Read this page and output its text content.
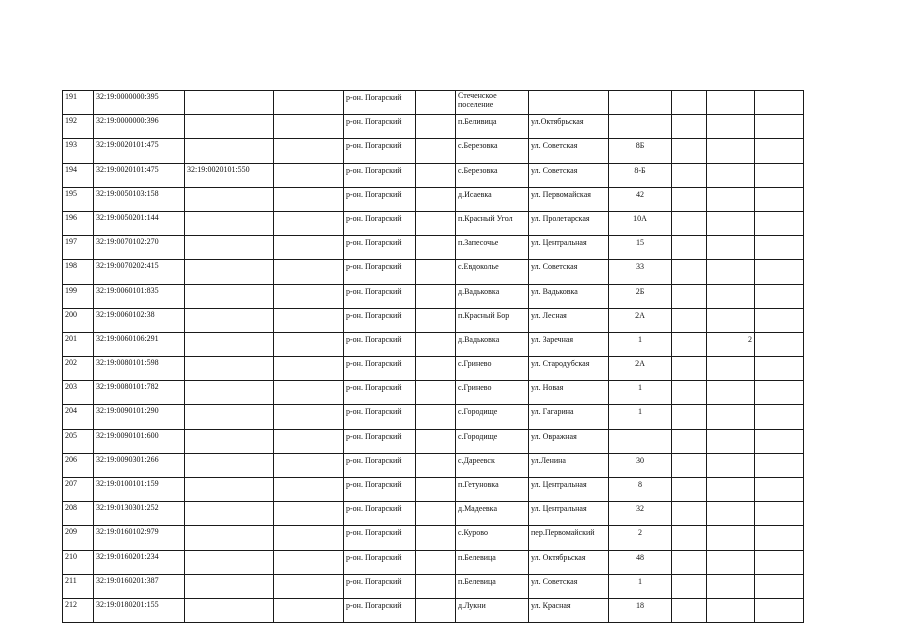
191	32:19:0000000:395			р-он. Погарский		Стеченское поселение					
192	32:19:0000000:396			р-он. Погарский		п.Беливица	ул.Октябрьская				
193	32:19:0020101:475			р-он. Погарский		с.Березовка	ул. Советская	8Б			
194	32:19:0020101:475	32:19:0020101:550		р-он. Погарский		с.Березовка	ул. Советская	8-Б			
195	32:19:0050103:158			р-он. Погарский		д.Исаевка	ул. Первомайская	42			
196	32:19:0050201:144			р-он. Погарский		п.Красный Угол	ул. Пролетарская	10А			
197	32:19:0070102:270			р-он. Погарский		п.Запесочье	ул. Центральная	15			
198	32:19:0070202:415			р-он. Погарский		с.Евдоколье	ул. Советская	33			
199	32:19:0060101:835			р-он. Погарский		д.Вадьковка	ул. Вадьковка	2Б			
200	32:19:0060102:38			р-он. Погарский		п.Красный Бор	ул. Лесная	2А			
201	32:19:0060106:291			р-он. Погарский		д.Вадьковка	ул. Заречная	1		2	
202	32:19:0080101:598			р-он. Погарский		с.Гринево	ул. Стародубская	2А			
203	32:19:0080101:782			р-он. Погарский		с.Гринево	ул. Новая	1			
204	32:19:0090101:290			р-он. Погарский		с.Городище	ул. Гагарина	1			
205	32:19:0090101:600			р-он. Погарский		с.Городище	ул. Овражная				
206	32:19:0090301:266			р-он. Погарский		с.Дареевск	ул.Ленина	30			
207	32:19:0100101:159			р-он. Погарский		п.Гетуновка	ул. Центральная	8			
208	32:19:0130301:252			р-он. Погарский		д.Мадеевка	ул. Центральная	32			
209	32:19:0160102:979			р-он. Погарский		с.Курово	пер.Первомайский	2			
210	32:19:0160201:234			р-он. Погарский		п.Белевица	ул. Октябрьская	48			
211	32:19:0160201:387			р-он. Погарский		п.Белевица	ул. Советская	1			
212	32:19:0180201:155			р-он. Погарский		д.Лукни	ул. Красная	18			
